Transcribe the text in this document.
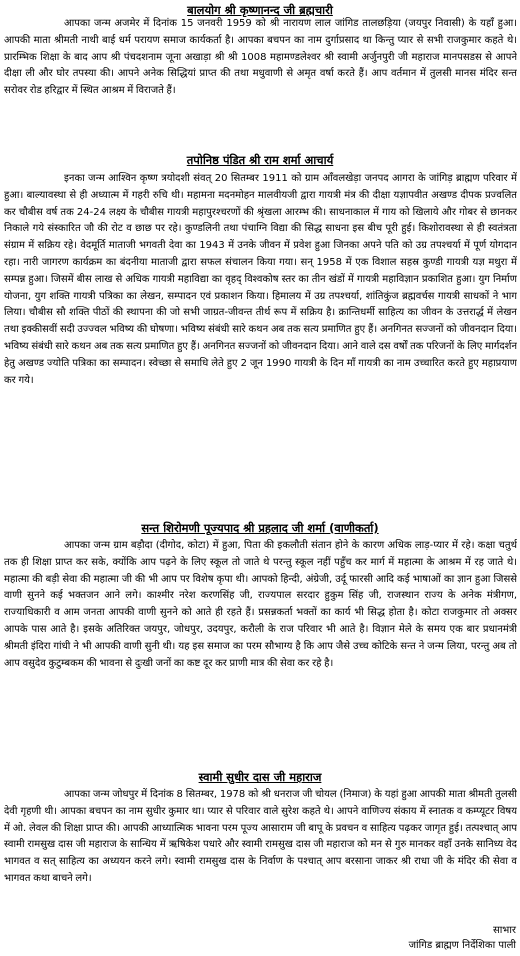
बालयोग श्री कृष्णानन्द जी ब्रह्मचारी
आपका जन्म अजमेर में दिनांक 15 जनवरी 1959 को श्री नारायण लाल जांगिड तालछड़िया (जयपुर निवासी) के यहाँ हुआ। आपकी माता श्रीमती नाथी बाई धर्म परायण समाज कार्यकर्ता है। आपका बचपन का नाम दुर्गाप्रसाद था किन्तु प्यार से सभी राजकुमार कहते थे। प्रारम्भिक शिक्षा के बाद आप श्री पंचदशनाम जूना अखाड़ा श्री श्री 1008 महामण्डलेश्वर श्री स्वामी अर्जुनपुरी जी महाराज मानपसडस से आपने दीक्षा ली और घोर तपस्या की। आपने अनेक सिद्धियां प्राप्त की तथा मधुवाणी से अमृत वर्षा करते हैं। आप वर्तमान में तुलसी मानस मंदिर सन्त सरोवर रोड हरिद्वार में स्थित आश्रम में विराजते हैं।
तपोनिष्ठ पंडित श्री राम शर्मा आचार्य
इनका जन्म आश्विन कृष्ण त्रयोदशी संवत् 20 सितम्बर 1911 को ग्राम आँवलखेड़ा जनपद आगरा के जांगिड़ ब्राह्मण परिवार में हुआ। बाल्यावस्था से ही अध्यात्म में गहरी रुचि थी। महामना मदनमोहन मालवीयजी द्वारा गायत्री मंत्र की दीक्षा यज्ञापवीत अखण्ड दीपक प्रज्वलित कर चौबीस वर्ष तक 24-24 लक्ष्य के चौबीस गायत्री महापुरश्चरणों की श्रृंखला आरम्भ की। साधनाकाल में गाय को खिलाये और गोबर से छानकर निकाले गये संस्कारित जौ की रोट व छाछ पर रहे। कुण्डलिनी तथा पंचाग्नि विद्या की सिद्ध साधना इस बीच पूरी हुई। किशोरावस्था से ही स्वतंत्रता संग्राम में सक्रिय रहे। वेदमूर्ति माताजी भगवती देवा का 1943 में उनके जीवन में प्रवेश हुआ जिनका अपने पति को उग्र तपश्चर्या में पूर्ण योगदान रहा। नारी जागरण कार्यक्रम का बंदनीया माताजी द्वारा सफल संचालन किया गया। सन् 1958 में एक विशाल सहस्र कुण्डी गायत्री यज्ञ मथुरा में सम्पन्न हुआ। जिसमें बीस लाख से अधिक गायत्री महाविद्या का वृहद् विश्वकोष स्तर का तीन खंडों में गायत्री महाविज्ञान प्रकाशित हुआ। युग निर्माण योजना, युग शक्ति गायत्री पत्रिका का लेखन, सम्पादन एवं प्रकाशन किया। हिमालय में उग्र तपश्चर्या, शांतिकुंज ब्रह्मवर्चस गायत्री साधकों ने भाग लिया। चौबीस सौ शक्ति पीठों की स्थापना की जो सभी जाग्रत-जीवन्त तीर्थ रूप में सक्रिय है। क्रान्तिधर्मी साहित्य का जीवन के उत्तरार्द्ध में लेखन तथा इक्कीसवीं सदी उज्ज्वल भविष्य की घोषणा। भविष्य संबंधी सारे कथन अब तक सत्य प्रमाणित हुए हैं। अनगिनत सज्जनों को जीवनदान दिया। भविष्य संबंधी सारे कथन अब तक सत्य प्रमाणित हुए हैं। अनगिनत सज्जनों को जीवनदान दिया। आने वाले दस वर्षों तक परिजनों के लिए मार्गदर्शन हेतु अखण्ड ज्योति पत्रिका का सम्पादन। स्वेच्छा से समाधि लेते हुए 2 जून 1990 गायत्री के दिन माँ गायत्री का नाम उच्चारित करते हुए महाप्रयाण कर गये।
सन्त शिरोमणी पूज्यपाद श्री प्रहलाद जी शर्मा (वाणीकर्ता)
आपका जन्म ग्राम बड़ौदा (दीगोद, कोटा) में हुआ, पिता की इकलौती संतान होने के कारण अधिक लाड़-प्यार में रहे। कक्षा चतुर्थ तक ही शिक्षा प्राप्त कर सके, क्योंकि आप पढ़ने के लिए स्कूल तो जाते थे परन्तु स्कूल नहीं पहुँच कर मार्ग में महात्मा के आश्रम में रह जाते थे। महात्मा की बड़ी सेवा की महात्मा जी की भी आप पर विशेष कृपा थी। आपको हिन्दी, अंग्रेजी, उर्दू फारसी आदि कई भाषाओं का ज्ञान हुआ जिससे वाणी सुनने कई भक्तजन आने लगे। काश्मीर नरेश करणसिंह जी, राज्यपाल सरदार हुकुम सिंह जी, राजस्थान राज्य के अनेक मंत्रीगण, राज्याधिकारी व आम जनता आपकी वाणी सुनने को आते ही रहते हैं। प्रसन्नकर्ता भक्तों का कार्य भी सिद्ध होता है। कोटा राजकुमार तो अक्सर आपके पास आते है। इसके अतिरिक्त जयपुर, जोधपुर, उदयपुर, करौली के राज परिवार भी आते है। विज्ञान मेले के समय एक बार प्रधानमंत्री श्रीमती इंदिरा गांधी ने भी आपकी वाणी सुनी थी। यह इस समाज का परम सौभाग्य है कि आप जैसे उच्च कोटिके सन्त ने जन्म लिया, परन्तु अब तो आप वसुदेव कुटुम्बकम की भावना से दुःखी जनों का कष्ट दूर कर प्राणी मात्र की सेवा कर रहे है।
स्वामी सुधीर दास जी महाराज
आपका जन्म जोधपुर में दिनांक 8 सितम्बर, 1978 को श्री धनराज जी चोयल (निमाज) के यहां हुआ आपकी माता श्रीमती तुलसी देवी गृहणी थी। आपका बचपन का नाम सुधीर कुमार था। प्यार से परिवार वाले सुरेश कहते थे। आपने वाणिज्य संकाय में स्नातक व कम्प्यूटर विषय में ओ. लेवल की शिक्षा प्राप्त की। आपकी आध्यात्मिक भावना परम पूज्य आसाराम जी बापू के प्रवचन व साहित्य पढ़कर जागृत हुई। तत्पश्चात् आप स्वामी रामसुख दास जी महाराज के सान्धिय में ऋषिकेश पधारे और स्वामी रामसुख दास जी महाराज को मन से गुरु मानकर वहाँ उनके सानिध्य वेद भागवत व सत् साहित्य का अध्ययन करने लगे। स्वामी रामसुख दास के निर्वाण के पश्चात् आप बरसाना जाकर श्री राधा जी के मंदिर की सेवा व भागवत कथा बाचने लगे।
साभार
जांगिड ब्राह्मण निर्देशिका पाली
